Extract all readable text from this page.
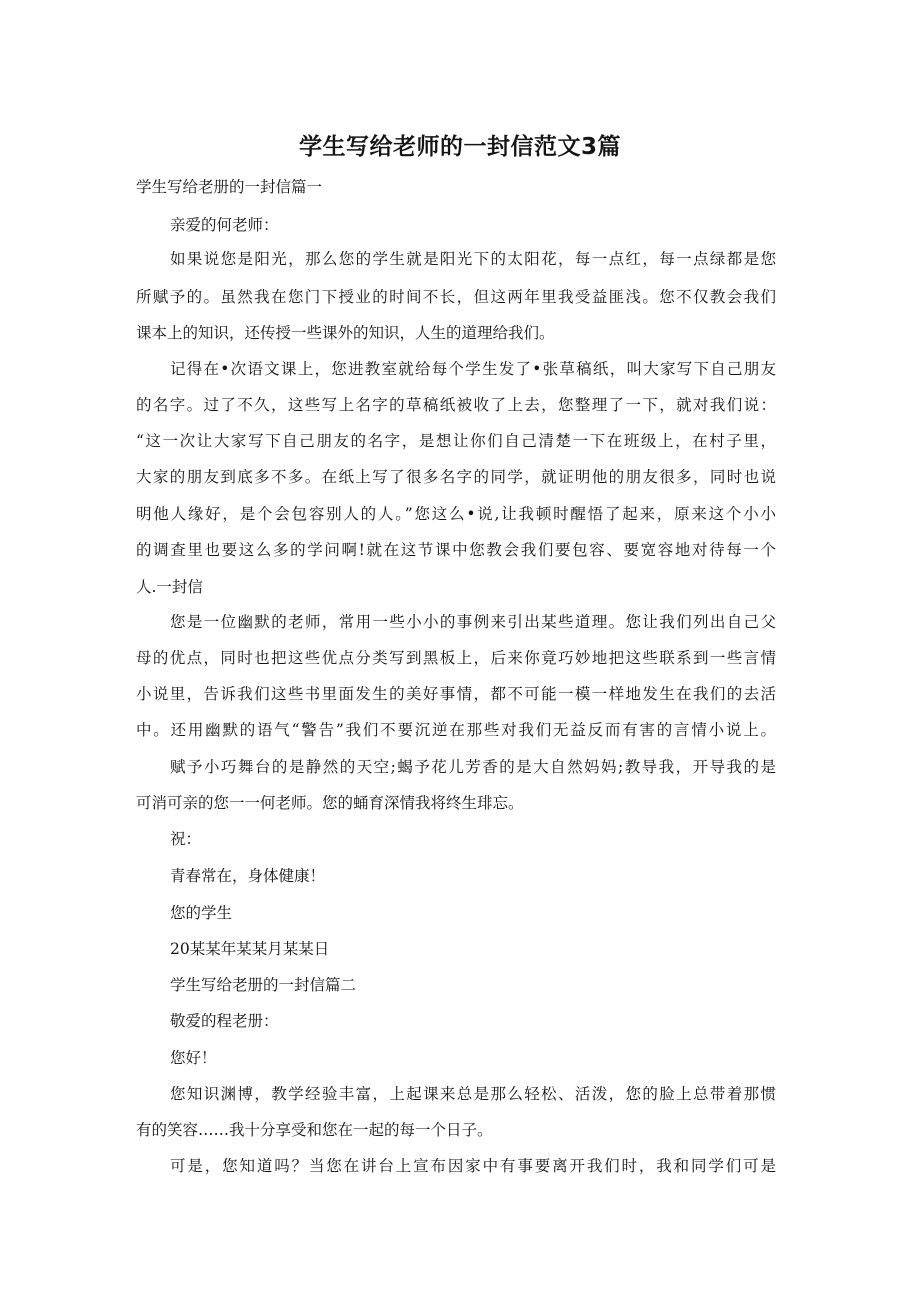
学生写给老师的一封信范文3篇
学生写给老册的一封信篇一
亲爱的何老师：
如果说您是阳光，那么您的学生就是阳光下的太阳花，每一点红，每一点绿都是您
所赋予的。虽然我在您门下授业的时间不长，但这两年里我受益匪浅。您不仅教会我们
课本上的知识，还传授一些课外的知识，人生的道理给我们。
记得在•次语文课上，您进教室就给每个学生发了•张草稿纸，叫大家写下自己朋友
的名字。过了不久，这些写上名字的草稿纸被收了上去，您整理了一下，就对我们说：
“这一次让大家写下自己朋友的名字，是想让你们自己清楚一下在班级上，在村子里，
大家的朋友到底多不多。在纸上写了很多名字的同学，就证明他的朋友很多，同时也说
明他人缘好，是个会包容别人的人。”您这么•说,让我顿时醒悟了起来，原来这个小小
的调查里也要这么多的学问啊!就在这节课中您教会我们要包容、要宽容地对待每一个
人.一封信
您是一位幽默的老师，常用一些小小的事例来引出某些道理。您让我们列出自己父
母的优点，同时也把这些优点分类写到黑板上，后来你竟巧妙地把这些联系到一些言情
小说里，告诉我们这些书里面发生的美好事情，都不可能一模一样地发生在我们的去活
中。还用幽默的语气“警告”我们不要沉逆在那些对我们无益反而有害的言情小说上。
赋予小巧舞台的是静然的天空;蝎予花儿芳香的是大自然妈妈;教导我，开导我的是
可消可亲的您一一何老师。您的蛹育深情我将终生琲忘。
祝：
青春常在，身体健康！
您的学生
20某某年某某月某某日
学生写给老册的一封信篇二
敬爱的程老册：
您好！
您知识渊博，教学经验丰富，上起课来总是那么轻松、活泼，您的脸上总带着那惯
有的笑容……我十分享受和您在一起的每一个日子。
可是，您知道吗？当您在讲台上宣布因家中有事要离开我们时，我和同学们可是
